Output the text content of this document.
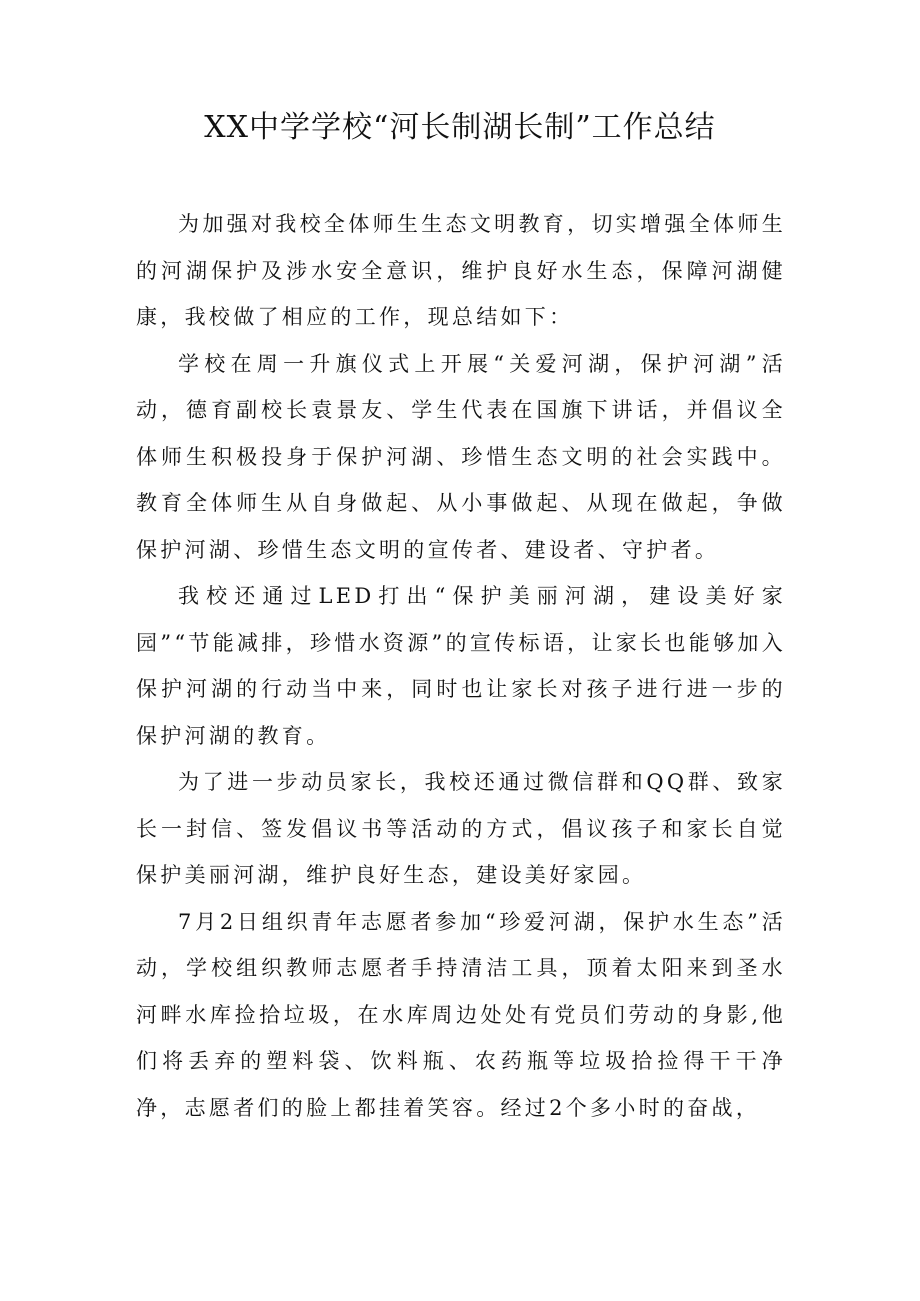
XX中学学校“河长制湖长制”工作总结

为加强对我校全体师生生态文明教育，切实增强全体师生的河湖保护及涉水安全意识，维护良好水生态，保障河湖健康，我校做了相应的工作，现总结如下：

学校在周一升旗仪式上开展“关爱河湖，保护河湖”活动，德育副校长袁景友、学生代表在国旗下讲话，并倡议全体师生积极投身于保护河湖、珍惜生态文明的社会实践中。教育全体师生从自身做起、从小事做起、从现在做起，争做保护河湖、珍惜生态文明的宣传者、建设者、守护者。

我校还通过LED打出“保护美丽河湖，建设美好家园”“节能减排，珍惜水资源”的宣传标语，让家长也能够加入保护河湖的行动当中来，同时也让家长对孩子进行进一步的保护河湖的教育。

为了进一步动员家长，我校还通过微信群和QQ群、致家长一封信、签发倡议书等活动的方式，倡议孩子和家长自觉保护美丽河湖，维护良好生态，建设美好家园。

7月2日组织青年志愿者参加“珍爱河湖，保护水生态”活动，学校组织教师志愿者手持清洁工具，顶着太阳来到圣水河畔水库捡拾垃圾，在水库周边处处有党员们劳动的身影,他们将丢弃的塑料袋、饮料瓶、农药瓶等垃圾拾捡得干干净净，志愿者们的脸上都挂着笑容。经过2个多小时的奋战，
